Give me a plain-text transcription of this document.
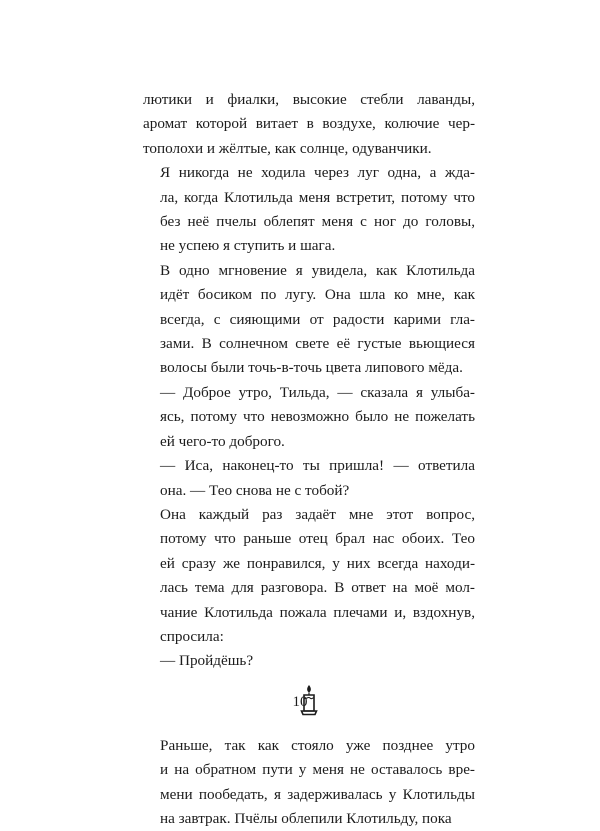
лютики и фиалки, высокие стебли лаванды,
аромат которой витает в воздухе, колючие чер-
тополохи и жёлтые, как солнце, одуванчики.

Я никогда не ходила через луг одна, а жда-
ла, когда Клотильда меня встретит, потому что
без неё пчелы облепят меня с ног до головы,
не успею я ступить и шага.

В одно мгновение я увидела, как Клотильда
идёт босиком по лугу. Она шла ко мне, как
всегда, с сияющими от радости карими гла-
зами. В солнечном свете её густые вьющиеся
волосы были точь-в-точь цвета липового мёда.

— Доброе утро, Тильда, — сказала я улыба-
ясь, потому что невозможно было не пожелать
ей чего-то доброго.

— Иса, наконец-то ты пришла! — ответила
она. — Тео снова не с тобой?

Она каждый раз задаёт мне этот вопрос,
потому что раньше отец брал нас обоих. Тео
ей сразу же понравился, у них всегда находи-
лась тема для разговора. В ответ на моё мол-
чание Клотильда пожала плечами и, вздохнув,
спросила:

— Пройдёшь?

Раньше, так как стояло уже позднее утро
и на обратном пути у меня не оставалось вре-
мени пообедать, я задерживалась у Клотильды
на завтрак. Пчёлы облепили Клотильду, пока

10
